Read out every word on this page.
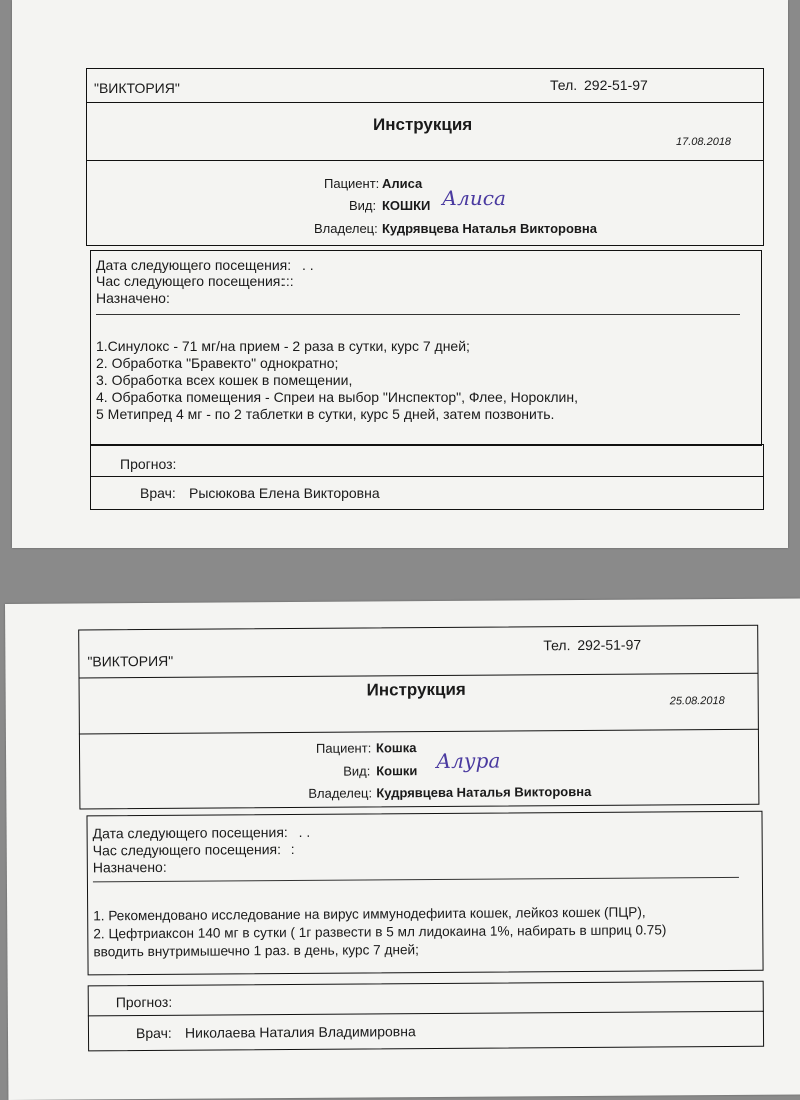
"ВИКТОРИЯ"	Тел. 292-51-97
Инструкция
17.08.2018
Пациент: Алиса
Вид: КОШКИ Алиса
Владелец: Кудрявцева Наталья Викторовна
Дата следующего посещения: . .
Час следующего посещения:
:::
Назначено:
1.Синулокс - 71 мг/на прием - 2 раза в сутки, курс 7 дней;
2. Обработка "Бравекто" однократно;
3. Обработка всех кошек в помещении,
4. Обработка помещения - Спреи на выбор "Инспектор", Флее, Нороклин,
5 Метипред 4 мг - по 2 таблетки в сутки, курс 5 дней, затем позвонить.
Прогноз:
Врач: Рысюкова Елена Викторовна
"ВИКТОРИЯ"
Тел. 292-51-97
Инструкция
25.08.2018
Пациент: Кошка
Вид: Кошки Алура
Владелец: Кудрявцева Наталья Викторовна
Дата следующего посещения: . .
Час следующего посещения: :
Назначено:
1. Рекомендовано исследование на вирус иммунодефиита кошек, лейкоз кошек (ПЦР),
2. Цефтриаксон 140 мг в сутки ( 1г развести в 5 мл лидокаина 1%, набирать в шприц 0.75)
вводить внутримышечно 1 раз. в день, курс 7 дней;
Прогноз:
Врач: Николаева Наталия Владимировна
